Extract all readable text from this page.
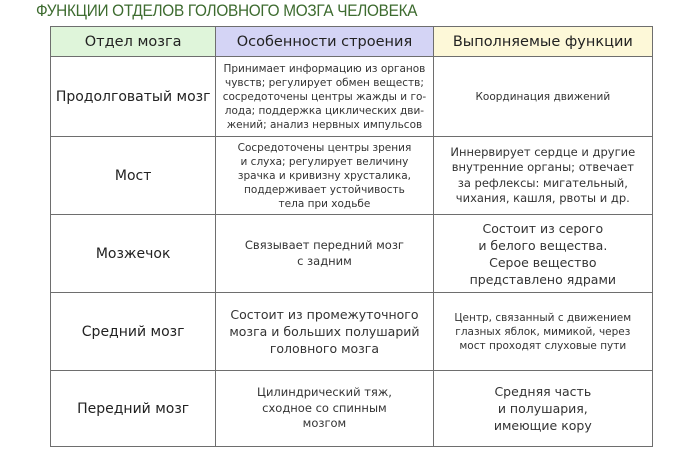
ФУНКЦИИ ОТДЕЛОВ ГОЛОВНОГО МОЗГА ЧЕЛОВЕКА
Отдел мозга	Особенности строения	Выполняемые функции
Продолговатый мозг	Принимает информацию из органов
чувств; регулирует обмен веществ;
сосредоточены центры жажды и го-
лода; поддержка циклических дви-
жений; анализ нервных импульсов	Координация движений

Мост	Сосредоточены центры зрения
и слуха; регулирует величину
зрачка и кривизну хрусталика,
поддерживает устойчивость
тела при ходьбе	Иннервирует сердце и другие
внутренние органы; отвечает
за рефлексы: мигательный,
чихания, кашля, рвоты и др.

Мозжечок	Связывает передний мозг
с задним	Состоит из серого
и белого вещества.
Серое вещество
представлено ядрами

Средний мозг	Состоит из промежуточного
мозга и больших полушарий
головного мозга	Центр, связанный с движением
глазных яблок, мимикой, через
мост проходят слуховые пути

Передний мозг	Цилиндрический тяж,
сходное со спинным
мозгом	Средняя часть
и полушария,
имеющие кору
